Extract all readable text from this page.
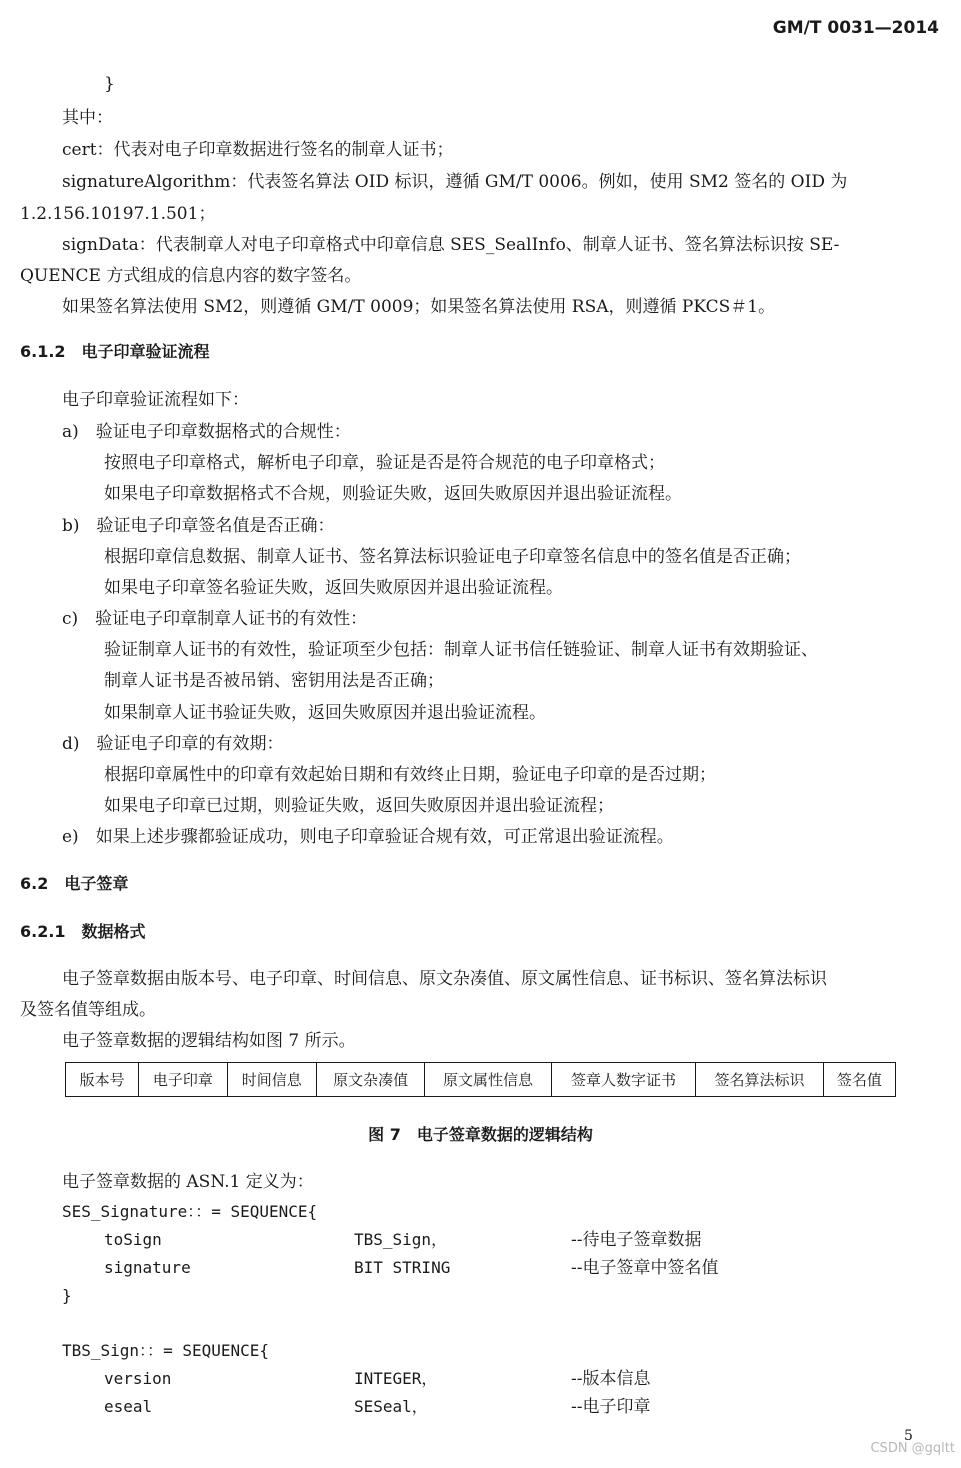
GM/T 0031—2014
}
其中：
cert：代表对电子印章数据进行签名的制章人证书；
signatureAlgorithm：代表签名算法 OID 标识，遵循 GM/T 0006。例如，使用 SM2 签名的 OID 为
1.2.156.10197.1.501；
signData：代表制章人对电子印章格式中印章信息 SES_SealInfo、制章人证书、签名算法标识按 SE-
QUENCE 方式组成的信息内容的数字签名。
如果签名算法使用 SM2，则遵循 GM/T 0009；如果签名算法使用 RSA，则遵循 PKCS＃1。
6.1.2　电子印章验证流程
电子印章验证流程如下：
a)　验证电子印章数据格式的合规性：
按照电子印章格式，解析电子印章，验证是否是符合规范的电子印章格式；
如果电子印章数据格式不合规，则验证失败，返回失败原因并退出验证流程。
b)　验证电子印章签名值是否正确：
根据印章信息数据、制章人证书、签名算法标识验证电子印章签名信息中的签名值是否正确；
如果电子印章签名验证失败，返回失败原因并退出验证流程。
c)　验证电子印章制章人证书的有效性：
验证制章人证书的有效性，验证项至少包括：制章人证书信任链验证、制章人证书有效期验证、
制章人证书是否被吊销、密钥用法是否正确；
如果制章人证书验证失败，返回失败原因并退出验证流程。
d)　验证电子印章的有效期：
根据印章属性中的印章有效起始日期和有效终止日期，验证电子印章的是否过期；
如果电子印章已过期，则验证失败，返回失败原因并退出验证流程；
e)　如果上述步骤都验证成功，则电子印章验证合规有效，可正常退出验证流程。
6.2　电子签章
6.2.1　数据格式
电子签章数据由版本号、电子印章、时间信息、原文杂凑值、原文属性信息、证书标识、签名算法标识
及签名值等组成。
电子签章数据的逻辑结构如图 7 所示。
版本号	电子印章	时间信息	原文杂凑值	原文属性信息	签章人数字证书	签名算法标识	签名值
图 7　电子签章数据的逻辑结构
电子签章数据的 ASN.1 定义为：
SES_Signature：：= SEQUENCE{
toSign	TBS_Sign，	--待电子签章数据
signature	BIT STRING	--电子签章中签名值
}
TBS_Sign：：= SEQUENCE{
version	INTEGER，	--版本信息
eseal	SESeal，	--电子印章
5
CSDN @gqltt
